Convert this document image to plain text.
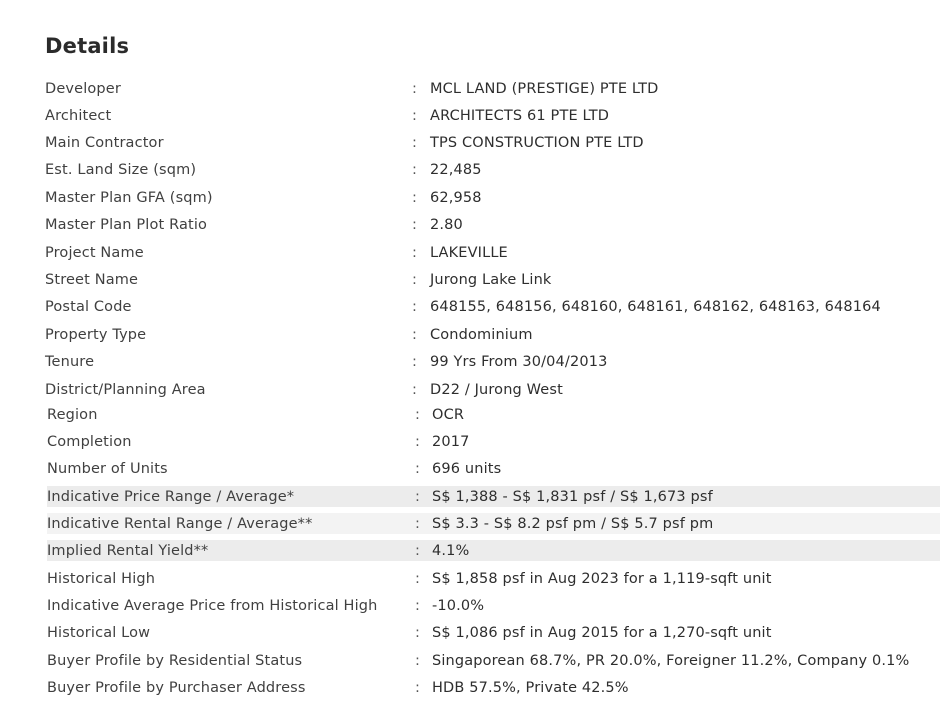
Details
Developer	: MCL LAND (PRESTIGE) PTE LTD
Architect	: ARCHITECTS 61 PTE LTD
Main Contractor	: TPS CONSTRUCTION PTE LTD
Est. Land Size (sqm)	: 22,485
Master Plan GFA (sqm)	: 62,958
Master Plan Plot Ratio	: 2.80
Project Name	: LAKEVILLE
Street Name	: Jurong Lake Link
Postal Code	: 648155, 648156, 648160, 648161, 648162, 648163, 648164
Property Type	: Condominium
Tenure	: 99 Yrs From 30/04/2013
District/Planning Area	: D22 / Jurong West
Region	: OCR
Completion	: 2017
Number of Units	: 696 units
Indicative Price Range / Average*	: S$ 1,388 - S$ 1,831 psf / S$ 1,673 psf
Indicative Rental Range / Average**	: S$ 3.3 - S$ 8.2 psf pm / S$ 5.7 psf pm
Implied Rental Yield**	: 4.1%
Historical High	: S$ 1,858 psf in Aug 2023 for a 1,119-sqft unit
Indicative Average Price from Historical High	: -10.0%
Historical Low	: S$ 1,086 psf in Aug 2015 for a 1,270-sqft unit
Buyer Profile by Residential Status	: Singaporean 68.7%, PR 20.0%, Foreigner 11.2%, Company 0.1%
Buyer Profile by Purchaser Address	: HDB 57.5%, Private 42.5%
